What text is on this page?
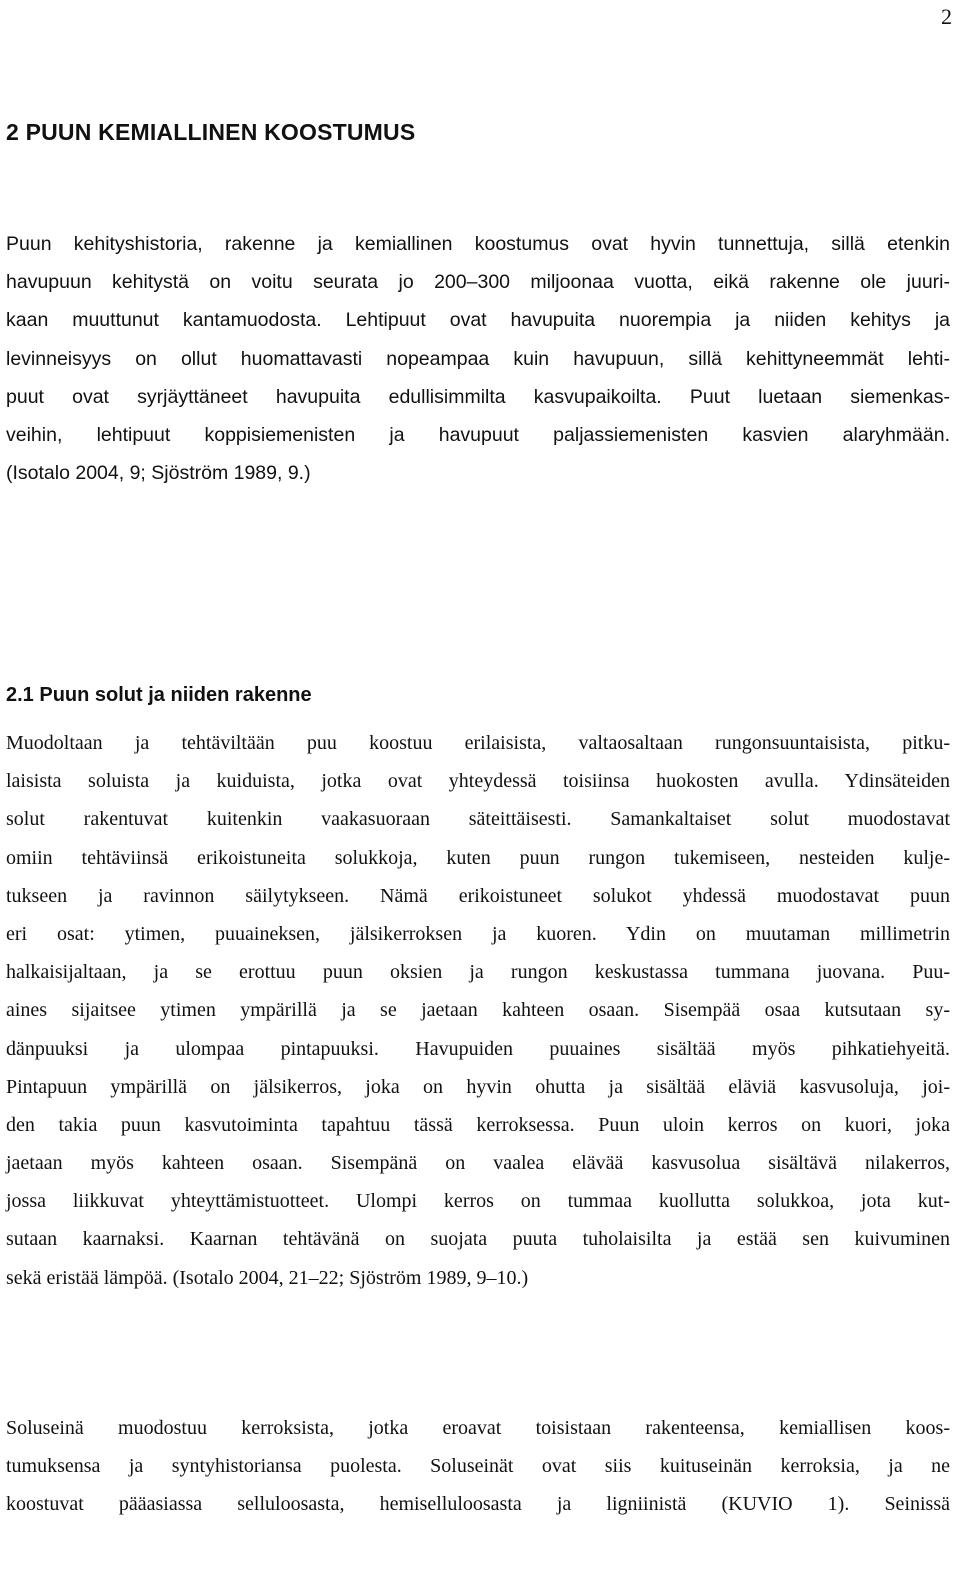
2
2 PUUN KEMIALLINEN KOOSTUMUS
Puun kehityshistoria, rakenne ja kemiallinen koostumus ovat hyvin tunnettuja, sillä etenkin
havupuun kehitystä on voitu seurata jo 200–300 miljoonaa vuotta, eikä rakenne ole juuri-
kaan muuttunut kantamuodosta. Lehtipuut ovat havupuita nuorempia ja niiden kehitys ja
levinneisyys on ollut huomattavasti nopeampaa kuin havupuun, sillä kehittyneemmät lehti-
puut ovat syrjäyttäneet havupuita edullisimmilta kasvupaikoilta. Puut luetaan siemenkas-
veihin, lehtipuut koppisiemenisten ja havupuut paljassiemenisten kasvien alaryhmään.
(Isotalo 2004, 9; Sjöström 1989, 9.)
2.1 Puun solut ja niiden rakenne
Muodoltaan ja tehtäviltään puu koostuu erilaisista, valtaosaltaan rungonsuuntaisista, pitku-
laisista soluista ja kuiduista, jotka ovat yhteydessä toisiinsa huokosten avulla. Ydinsäteiden
solut rakentuvat kuitenkin vaakasuoraan säteittäisesti. Samankaltaiset solut muodostavat
omiin tehtäviinsä erikoistuneita solukkoja, kuten puun rungon tukemiseen, nesteiden kulje-
tukseen ja ravinnon säilytykseen. Nämä erikoistuneet solukot yhdessä muodostavat puun
eri osat: ytimen, puuaineksen, jälsikerroksen ja kuoren. Ydin on muutaman millimetrin
halkaisijaltaan, ja se erottuu puun oksien ja rungon keskustassa tummana juovana. Puu-
aines sijaitsee ytimen ympärillä ja se jaetaan kahteen osaan. Sisempää osaa kutsutaan sy-
dänpuuksi ja ulompaa pintapuuksi. Havupuiden puuaines sisältää myös pihkatiehyeitä.
Pintapuun ympärillä on jälsikerros, joka on hyvin ohutta ja sisältää eläviä kasvusoluja, joi-
den takia puun kasvutoiminta tapahtuu tässä kerroksessa. Puun uloin kerros on kuori, joka
jaetaan myös kahteen osaan. Sisempänä on vaalea elävää kasvusolua sisältävä nilakerros,
jossa liikkuvat yhteyttämistuotteet. Ulompi kerros on tummaa kuollutta solukkoa, jota kut-
sutaan kaarnaksi. Kaarnan tehtävänä on suojata puuta tuholaisilta ja estää sen kuivuminen
sekä eristää lämpöä. (Isotalo 2004, 21–22; Sjöström 1989, 9–10.)
Soluseinä muodostuu kerroksista, jotka eroavat toisistaan rakenteensa, kemiallisen koos-
tumuksensa ja syntyhistoriansa puolesta. Soluseinät ovat siis kuituseinän kerroksia, ja ne
koostuvat pääasiassa selluloosasta, hemiselluloosasta ja ligniinistä (KUVIO 1). Seinissä
